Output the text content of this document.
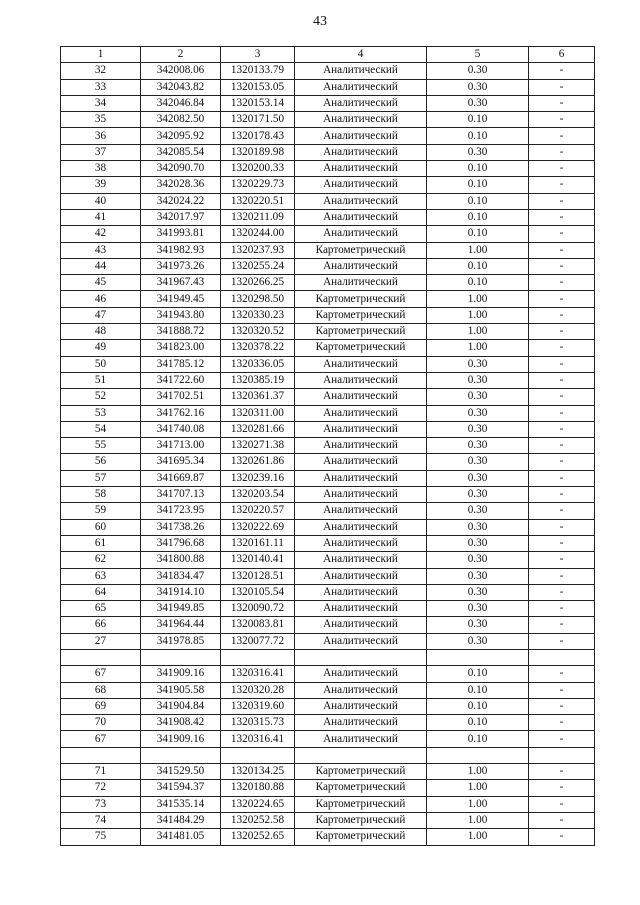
43
1	2	3	4	5	6
32	342008.06	1320133.79	Аналитический	0.30	-
33	342043.82	1320153.05	Аналитический	0.30	-
34	342046.84	1320153.14	Аналитический	0.30	-
35	342082.50	1320171.50	Аналитический	0.10	-
36	342095.92	1320178.43	Аналитический	0.10	-
37	342085.54	1320189.98	Аналитический	0.30	-
38	342090.70	1320200.33	Аналитический	0.10	-
39	342028.36	1320229.73	Аналитический	0.10	-
40	342024.22	1320220.51	Аналитический	0.10	-
41	342017.97	1320211.09	Аналитический	0.10	-
42	341993.81	1320244.00	Аналитический	0.10	-
43	341982.93	1320237.93	Картометрический	1.00	-
44	341973.26	1320255.24	Аналитический	0.10	-
45	341967.43	1320266.25	Аналитический	0.10	-
46	341949.45	1320298.50	Картометрический	1.00	-
47	341943.80	1320330.23	Картометрический	1.00	-
48	341888.72	1320320.52	Картометрический	1.00	-
49	341823.00	1320378.22	Картометрический	1.00	-
50	341785.12	1320336.05	Аналитический	0.30	-
51	341722.60	1320385.19	Аналитический	0.30	-
52	341702.51	1320361.37	Аналитический	0.30	-
53	341762.16	1320311.00	Аналитический	0.30	-
54	341740.08	1320281.66	Аналитический	0.30	-
55	341713.00	1320271.38	Аналитический	0.30	-
56	341695.34	1320261.86	Аналитический	0.30	-
57	341669.87	1320239.16	Аналитический	0.30	-
58	341707.13	1320203.54	Аналитический	0.30	-
59	341723.95	1320220.57	Аналитический	0.30	-
60	341738.26	1320222.69	Аналитический	0.30	-
61	341796.68	1320161.11	Аналитический	0.30	-
62	341800.88	1320140.41	Аналитический	0.30	-
63	341834.47	1320128.51	Аналитический	0.30	-
64	341914.10	1320105.54	Аналитический	0.30	-
65	341949.85	1320090.72	Аналитический	0.30	-
66	341964.44	1320083.81	Аналитический	0.30	-
27	341978.85	1320077.72	Аналитический	0.30	-

67	341909.16	1320316.41	Аналитический	0.10	-
68	341905.58	1320320.28	Аналитический	0.10	-
69	341904.84	1320319.60	Аналитический	0.10	-
70	341908.42	1320315.73	Аналитический	0.10	-
67	341909.16	1320316.41	Аналитический	0.10	-

71	341529.50	1320134.25	Картометрический	1.00	-
72	341594.37	1320180.88	Картометрический	1.00	-
73	341535.14	1320224.65	Картометрический	1.00	-
74	341484.29	1320252.58	Картометрический	1.00	-
75	341481.05	1320252.65	Картометрический	1.00	-
